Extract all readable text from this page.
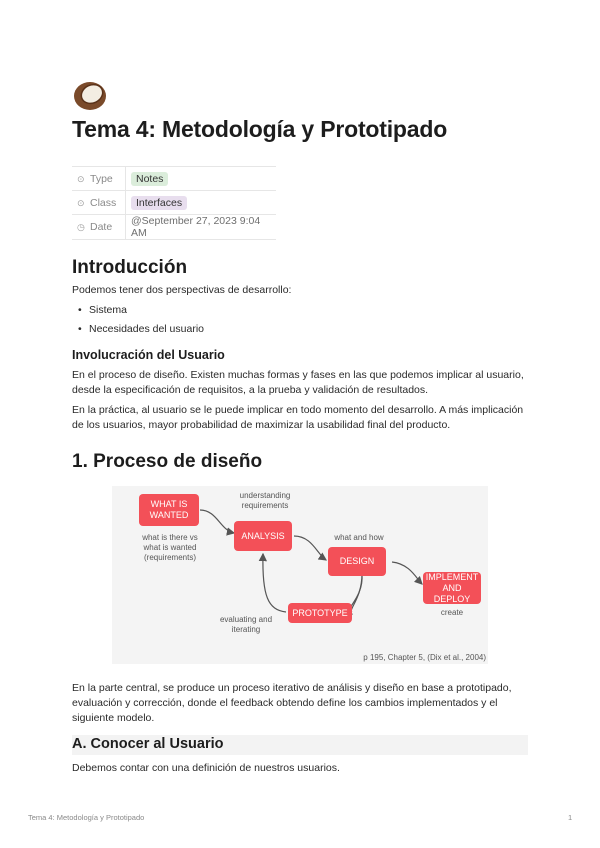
Tema 4: Metodología y Prototipado
⊙ Type	Notes
⊙ Class	Interfaces
◷ Date	@September 27, 2023 9:04 AM
Introducción

Podemos tener dos perspectivas de desarrollo:

• Sistema
• Necesidades del usuario
Involucración del Usuario

En el proceso de diseño. Existen muchas formas y fases en las que podemos implicar al usuario, desde la especificación de requisitos, a la prueba y validación de resultados.

En la práctica, al usuario se le puede implicar en todo momento del desarrollo. A más implicación de los usuarios, mayor probabilidad de maximizar la usabilidad final del producto.

1. Proceso de diseño
WHAT IS WANTED
ANALYSIS
DESIGN
IMPLEMENT AND DEPLOY
PROTOTYPE
understanding requirements
what is there vs what is wanted (requirements)
what and how
create
evaluating and iterating
p 195, Chapter 5, (Dix et al., 2004)

En la parte central, se produce un proceso iterativo de análisis y diseño en base a prototipado, evaluación y corrección, donde el feedback obtendo define los cambios implementados y el siguiente modelo.

A. Conocer al Usuario

Debemos contar con una definición de nuestros usuarios.

Tema 4: Metodología y Prototipado	1
